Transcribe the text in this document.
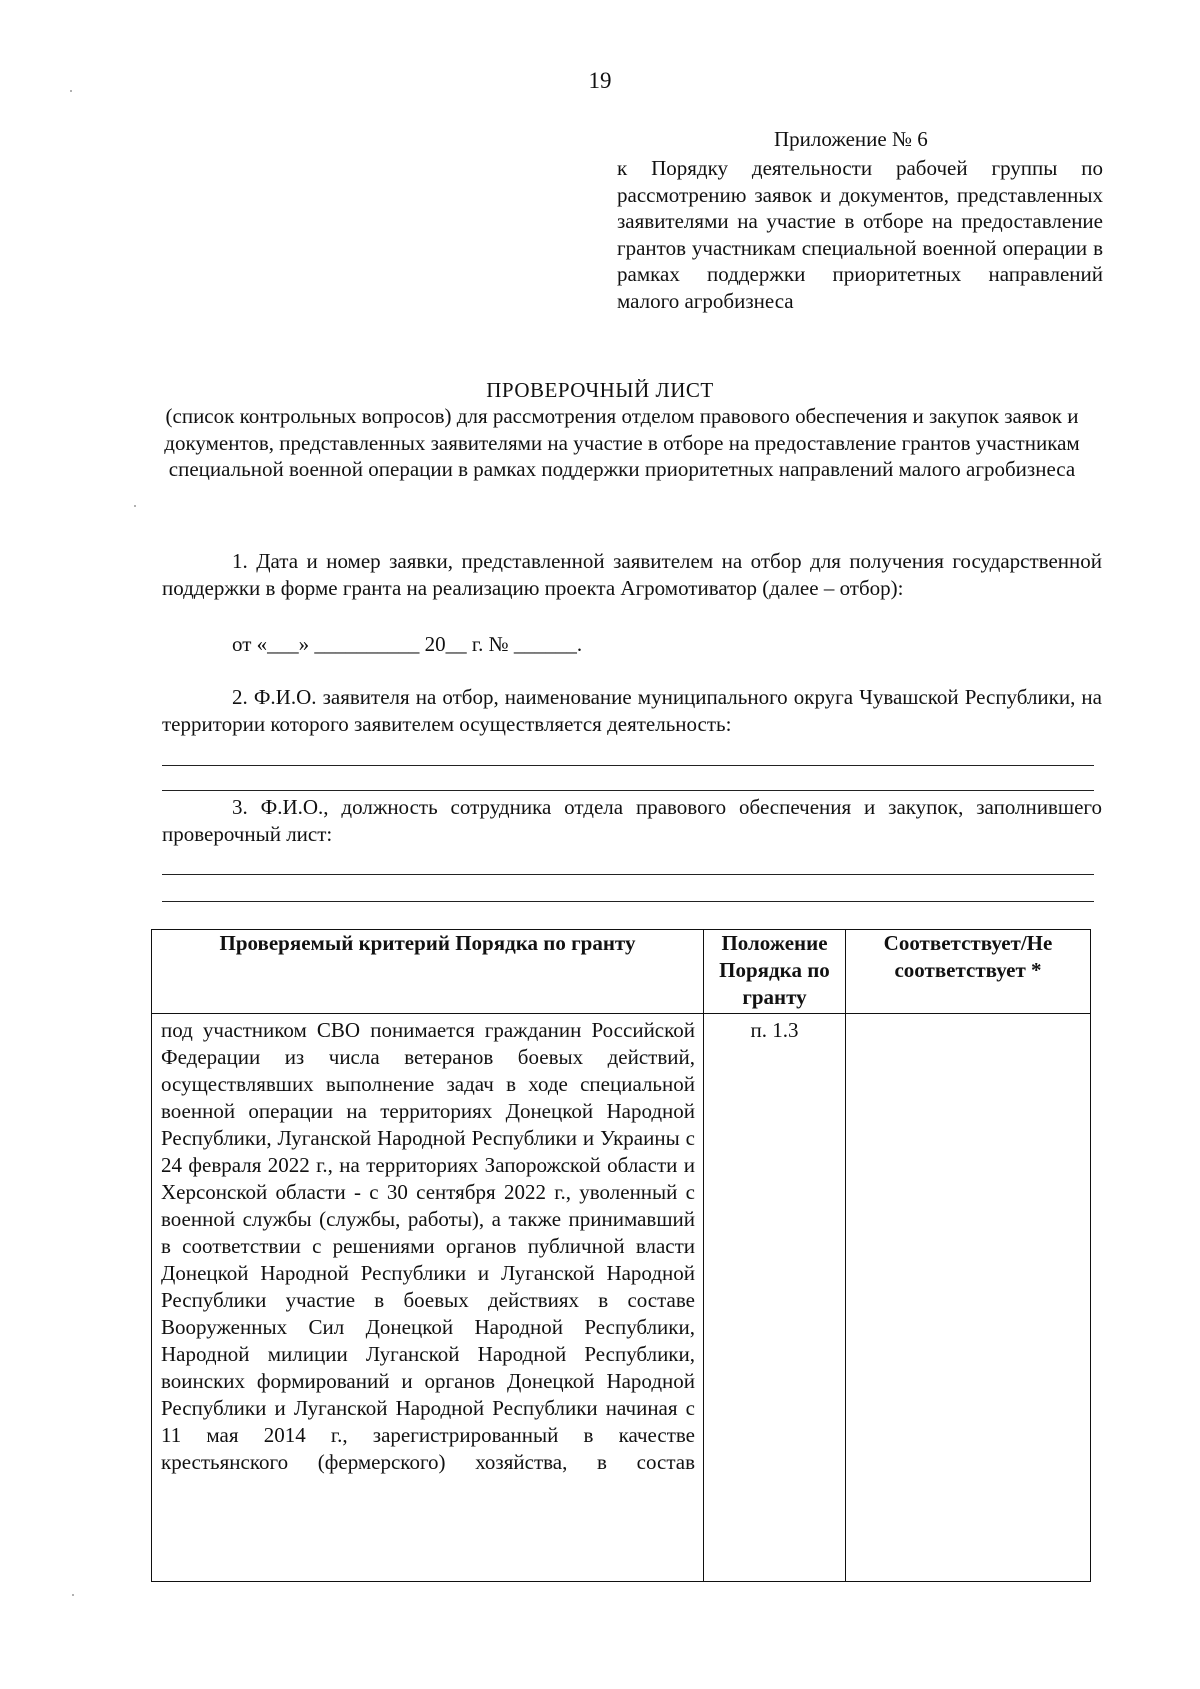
19
Приложение № 6
к Порядку деятельности рабочей группы по рассмотрению заявок и документов, представленных заявителями на участие в отборе на предоставление грантов участникам специальной военной операции в рамках поддержки приоритетных направлений малого агробизнеса
ПРОВЕРОЧНЫЙ ЛИСТ
(список контрольных вопросов) для рассмотрения отделом правового обеспечения и закупок заявок и документов, представленных заявителями на участие в отборе на предоставление грантов участникам специальной военной операции в рамках поддержки приоритетных направлений малого агробизнеса
1. Дата и номер заявки, представленной заявителем на отбор для получения государственной поддержки в форме гранта на реализацию проекта Агромотиватор (далее – отбор):
от «___» __________ 20__ г. № ______.
2. Ф.И.О. заявителя на отбор, наименование муниципального округа Чувашской Республики, на территории которого заявителем осуществляется деятельность:
3. Ф.И.О., должность сотрудника отдела правового обеспечения и закупок, заполнившего проверочный лист:
Проверяемый критерий Порядка по гранту	Положение Порядка по гранту	Соответствует/Не соответствует *
под участником СВО понимается гражданин Российской Федерации из числа ветеранов боевых действий, осуществлявших выполнение задач в ходе специальной военной операции на территориях Донецкой Народной Республики, Луганской Народной Республики и Украины с 24 февраля 2022 г., на территориях Запорожской области и Херсонской области - с 30 сентября 2022 г., уволенный с военной службы (службы, работы), а также принимавший в соответствии с решениями органов публичной власти Донецкой Народной Республики и Луганской Народной Республики участие в боевых действиях в составе Вооруженных Сил Донецкой Народной Республики, Народной милиции Луганской Народной Республики, воинских формирований и органов Донецкой Народной Республики и Луганской Народной Республики начиная с 11 мая 2014 г., зарегистрированный в качестве крестьянского (фермерского) хозяйства, в состав	п. 1.3	
